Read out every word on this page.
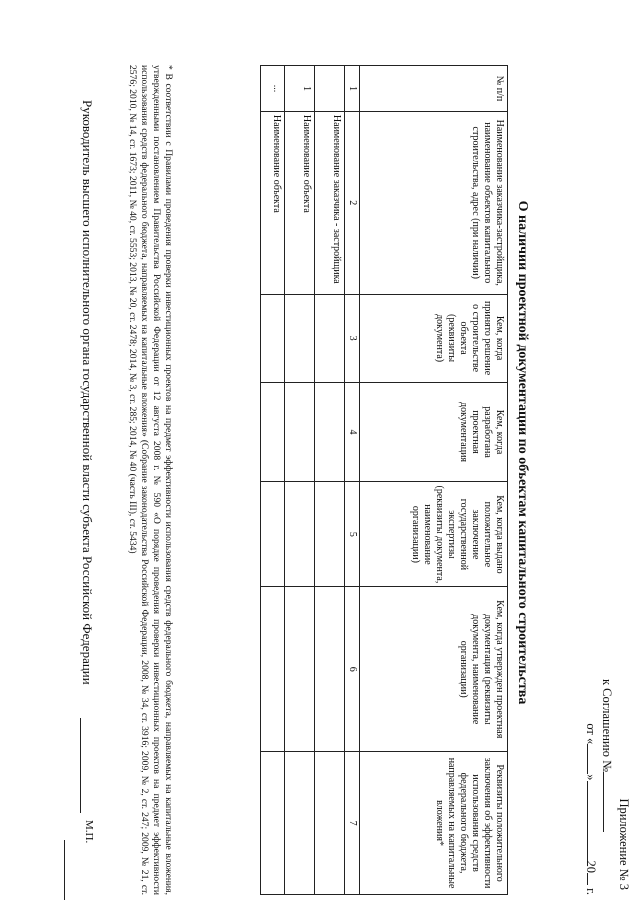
Приложение № 3
к Соглашению №
от «»20 г.
О наличии проектной документации по объектам капитального строительства
№ п/п	Наименование заказчика-застройщика, наименование объектов капитального строительства, адрес (при наличии)	Кем, когда принято решение о строительстве объекта (реквизиты документа)	Кем, когда разработана проектная документация	Кем, когда выдано положительное заключение государственной экспертизы (реквизиты документа, наименование организации)	Кем, когда утвержден проектная документация (реквизиты документа, наименование организации)	Реквизиты положительного заключения об эффективности использования средств федерального бюджета, направляемых на капитальные вложения*
1	2	3	4	5	6	7
	Наименование заказчика - застройщика					
1	Наименование объекта					
...	Наименование объекта					
* В соответствии с Правилами проведения проверки инвестиционных проектов на предмет эффективности использования средств федерального бюджета, направляемых на капитальные вложения, утвержденными постановлением Правительства Российской Федерации от 12 августа 2008 г. № 590 «О порядке проведения проверки инвестиционных проектов на предмет эффективности использования средств федерального бюджета, направляемых на капитальные вложения» (Собрание законодательства Российской Федерации, 2008, № 34, ст. 3916; 2009, № 2, ст. 247; 2009, № 21, ст. 2576; 2010, № 14, ст. 1673; 2011, № 40, ст. 5553; 2013, № 20, ст. 2478; 2014, № 3, ст. 285; 2014, № 40 (часть III), ст. 5434)
Руководитель высшего исполнительного органа государственной власти субъекта Российской Федерации
М.П.
